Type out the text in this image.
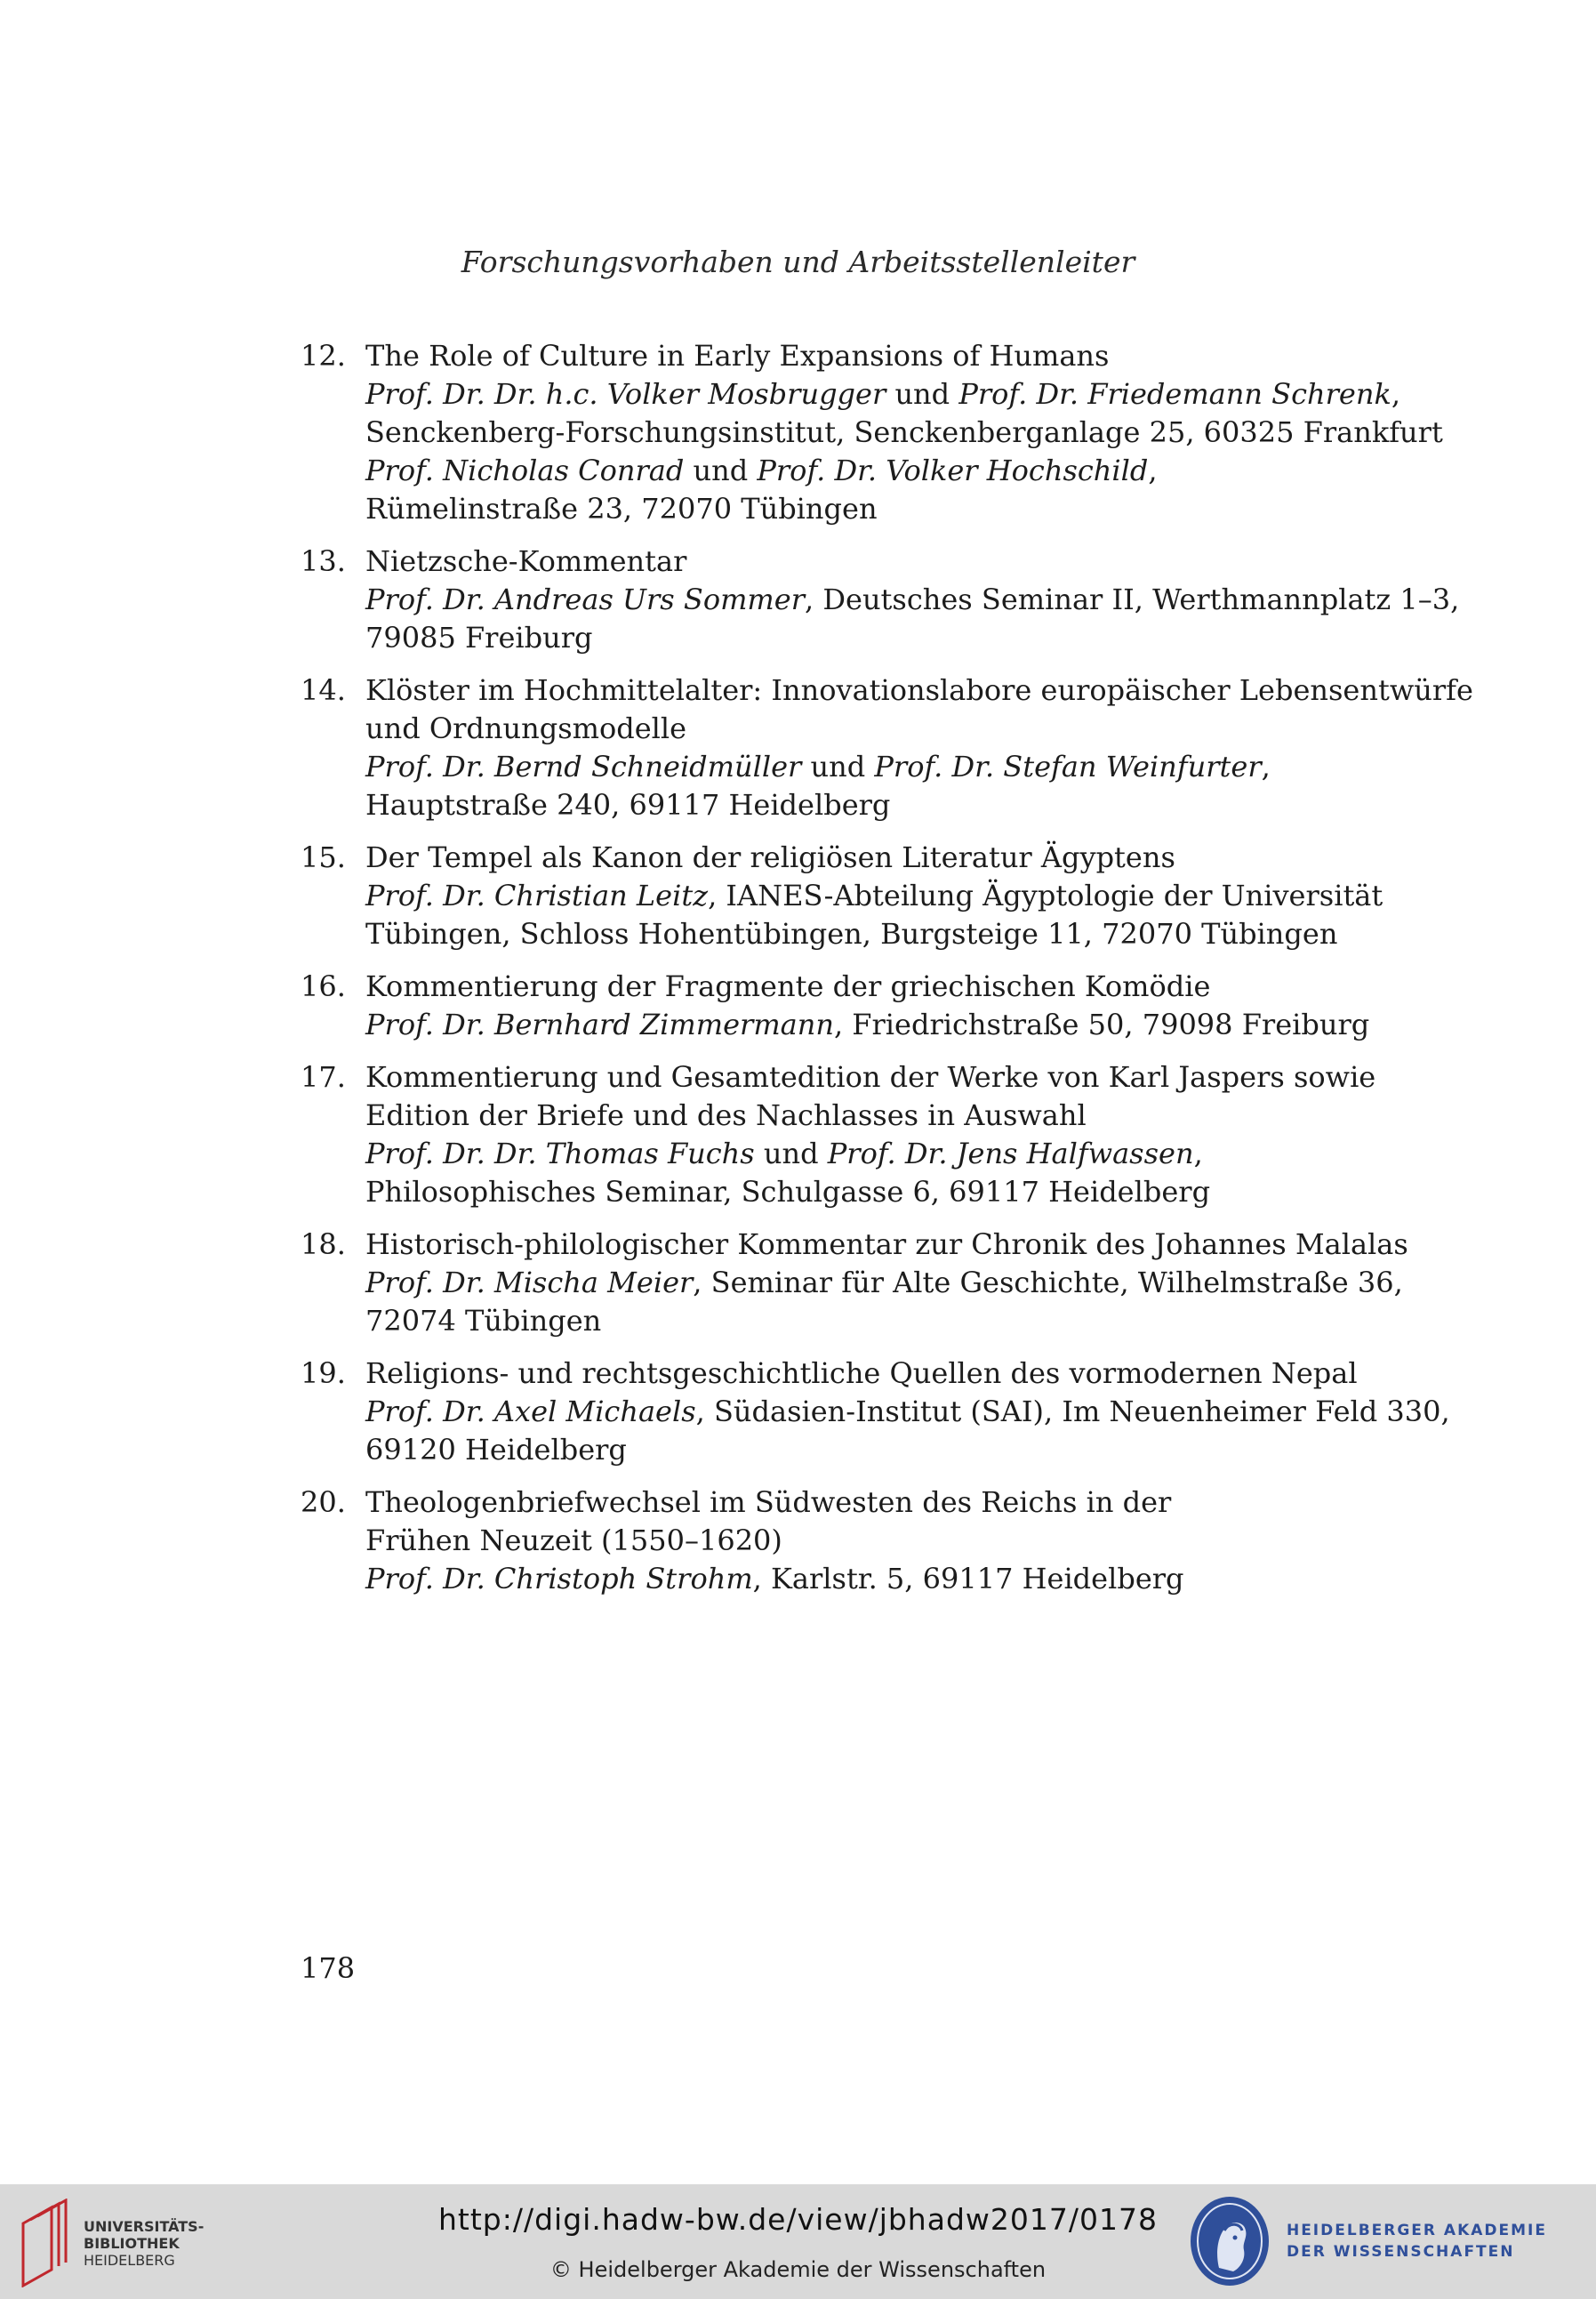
Forschungsvorhaben und Arbeitsstellenleiter
12. The Role of Culture in Early Expansions of Humans
Prof. Dr. Dr. h.c. Volker Mosbrugger und Prof. Dr. Friedemann Schrenk,
Senckenberg-Forschungsinstitut, Senckenberganlage 25, 60325 Frankfurt
Prof. Nicholas Conrad und Prof. Dr. Volker Hochschild,
Rümelinstraße 23, 72070 Tübingen
13. Nietzsche-Kommentar
Prof. Dr. Andreas Urs Sommer, Deutsches Seminar II, Werthmannplatz 1–3,
79085 Freiburg
14. Klöster im Hochmittelalter: Innovationslabore europäischer Lebensentwürfe
und Ordnungsmodelle
Prof. Dr. Bernd Schneidmüller und Prof. Dr. Stefan Weinfurter,
Hauptstraße 240, 69117 Heidelberg
15. Der Tempel als Kanon der religiösen Literatur Ägyptens
Prof. Dr. Christian Leitz, IANES-Abteilung Ägyptologie der Universität
Tübingen, Schloss Hohentübingen, Burgsteige 11, 72070 Tübingen
16. Kommentierung der Fragmente der griechischen Komödie
Prof. Dr. Bernhard Zimmermann, Friedrichstraße 50, 79098 Freiburg
17. Kommentierung und Gesamtedition der Werke von Karl Jaspers sowie
Edition der Briefe und des Nachlasses in Auswahl
Prof. Dr. Dr. Thomas Fuchs und Prof. Dr. Jens Halfwassen,
Philosophisches Seminar, Schulgasse 6, 69117 Heidelberg
18. Historisch-philologischer Kommentar zur Chronik des Johannes Malalas
Prof. Dr. Mischa Meier, Seminar für Alte Geschichte, Wilhelmstraße 36,
72074 Tübingen
19. Religions- und rechtsgeschichtliche Quellen des vormodernen Nepal
Prof. Dr. Axel Michaels, Südasien-Institut (SAI), Im Neuenheimer Feld 330,
69120 Heidelberg
20. Theologenbriefwechsel im Südwesten des Reichs in der
Frühen Neuzeit (1550–1620)
Prof. Dr. Christoph Strohm, Karlstr. 5, 69117 Heidelberg
178
UNIVERSITÄTS-
BIBLIOTHEK
HEIDELBERG
http://digi.hadw-bw.de/view/jbhadw2017/0178
© Heidelberger Akademie der Wissenschaften
HEIDELBERGER AKADEMIE
DER WISSENSCHAFTEN
